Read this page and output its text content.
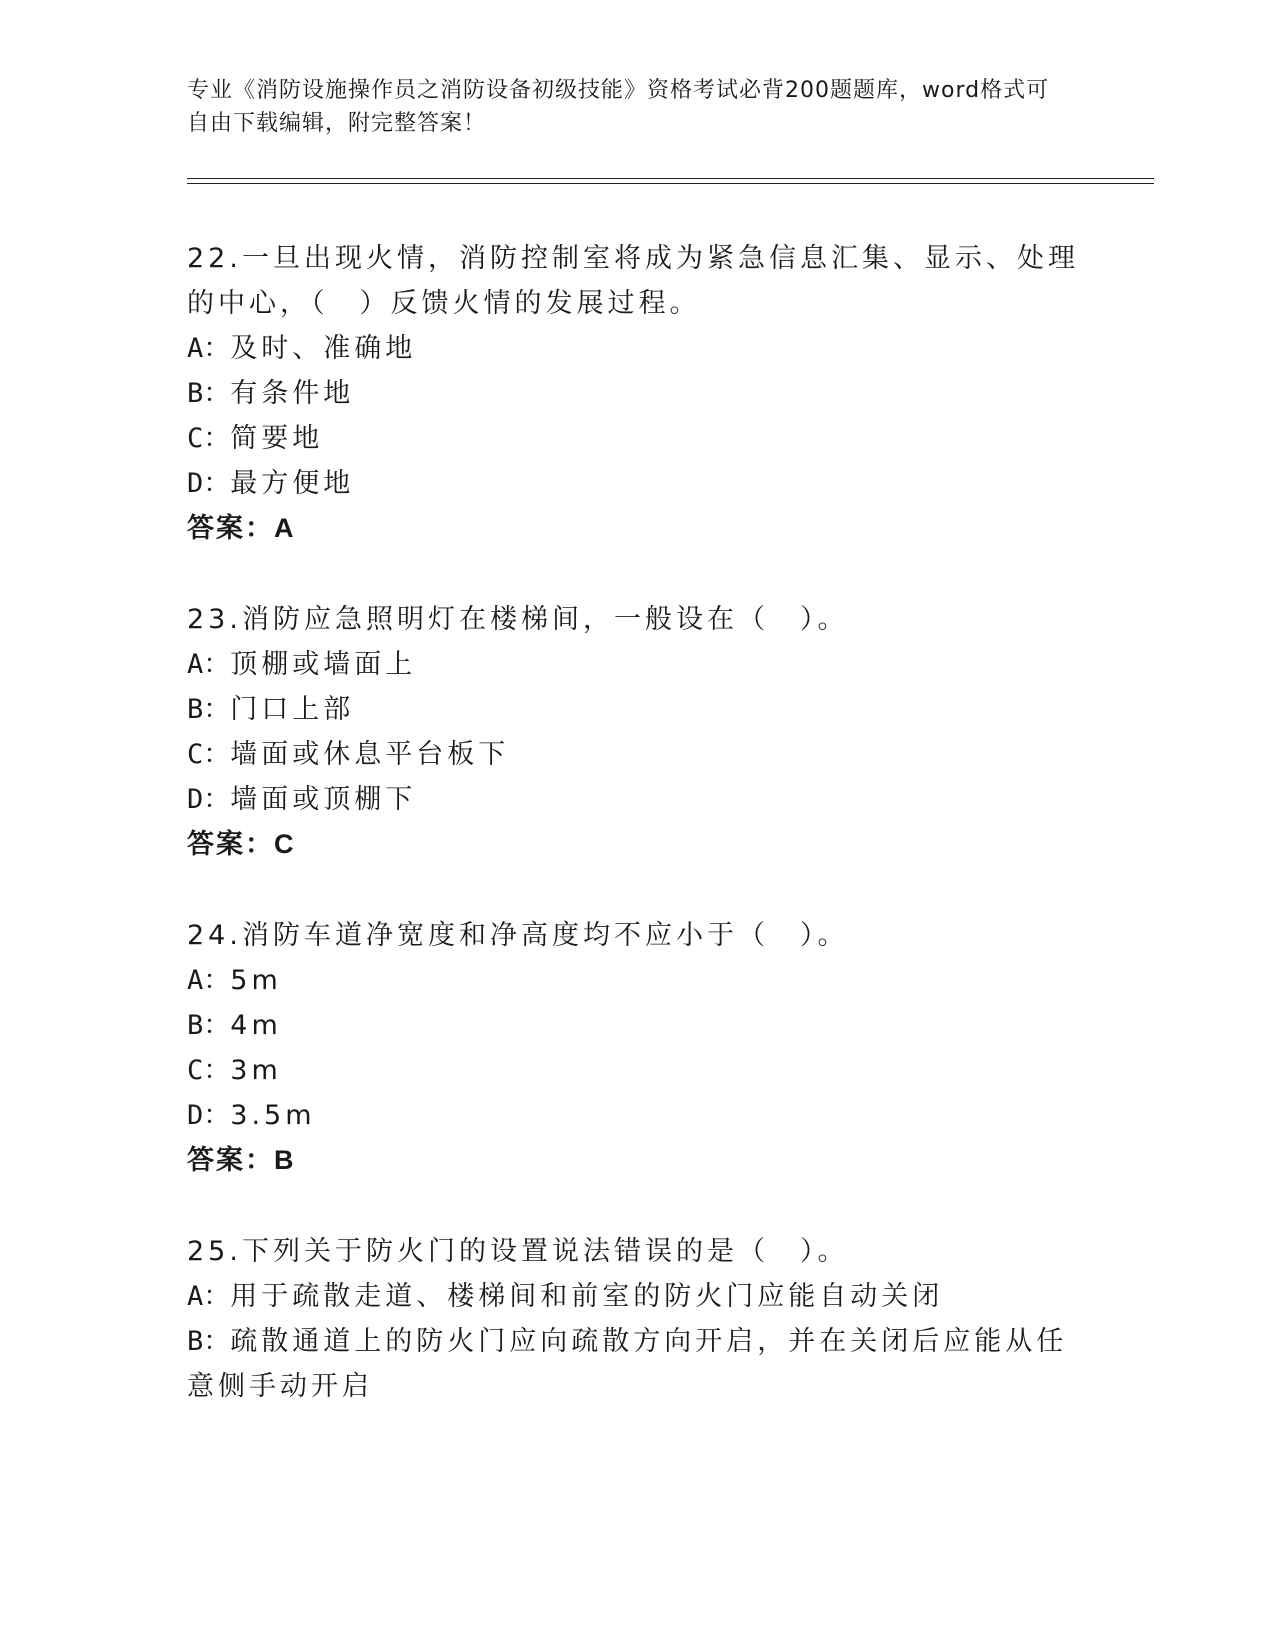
专业《消防设施操作员之消防设备初级技能》资格考试必背200题题库，word格式可自由下载编辑，附完整答案！
22.一旦出现火情，消防控制室将成为紧急信息汇集、显示、处理的中心，（　）反馈火情的发展过程。
A：及时、准确地
B：有条件地
C：简要地
D：最方便地
答案：A
23.消防应急照明灯在楼梯间，一般设在（　）。
A：顶棚或墙面上
B：门口上部
C：墙面或休息平台板下
D：墙面或顶棚下
答案：C
24.消防车道净宽度和净高度均不应小于（　）。
A：5m
B：4m
C：3m
D：3.5m
答案：B
25.下列关于防火门的设置说法错误的是（　）。
A：用于疏散走道、楼梯间和前室的防火门应能自动关闭
B：疏散通道上的防火门应向疏散方向开启，并在关闭后应能从任意侧手动开启
